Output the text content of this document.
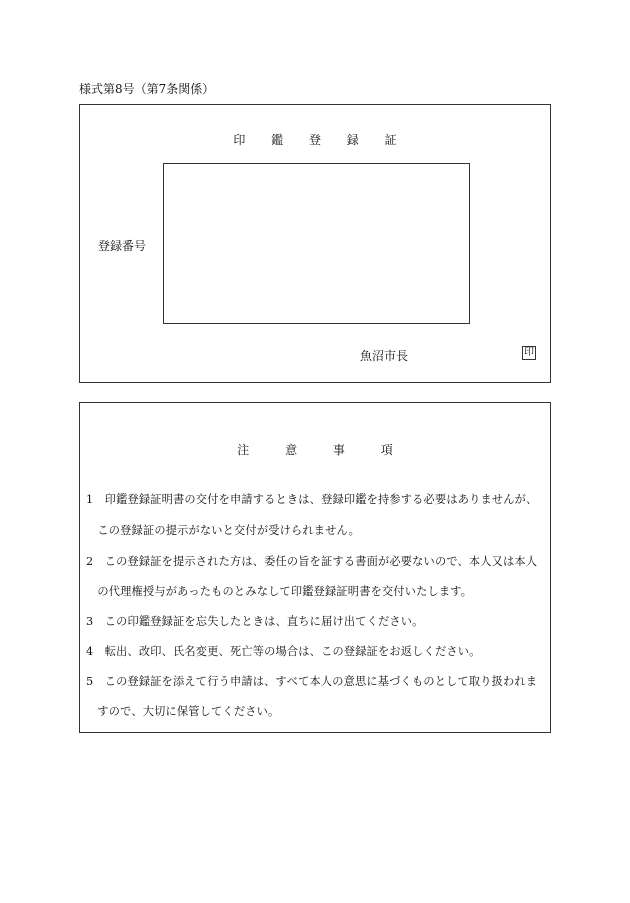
様式第8号（第7条関係）
印 鑑 登 録 証
登録番号
魚沼市長	印
注 意 事 項
1　印鑑登録証明書の交付を申請するときは、登録印鑑を持参する必要はありませんが、
　この登録証の提示がないと交付が受けられません。
2　この登録証を提示された方は、委任の旨を証する書面が必要ないので、本人又は本人
　の代理権授与があったものとみなして印鑑登録証明書を交付いたします。
3　この印鑑登録証を忘失したときは、直ちに届け出てください。
4　転出、改印、氏名変更、死亡等の場合は、この登録証をお返しください。
5　この登録証を添えて行う申請は、すべて本人の意思に基づくものとして取り扱われま
　すので、大切に保管してください。
